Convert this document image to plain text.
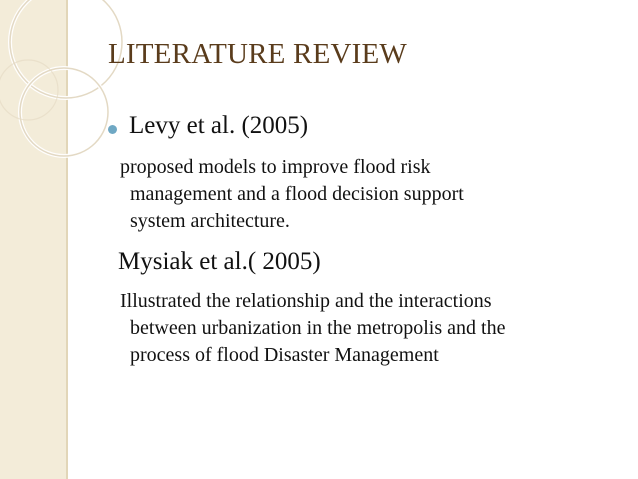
LITERATURE REVIEW
Levy et al. (2005)
proposed models to improve flood risk
management and a flood decision support
system architecture.
Mysiak et al.( 2005)
Illustrated the relationship and the interactions
between urbanization in the metropolis and the
process of flood Disaster Management
